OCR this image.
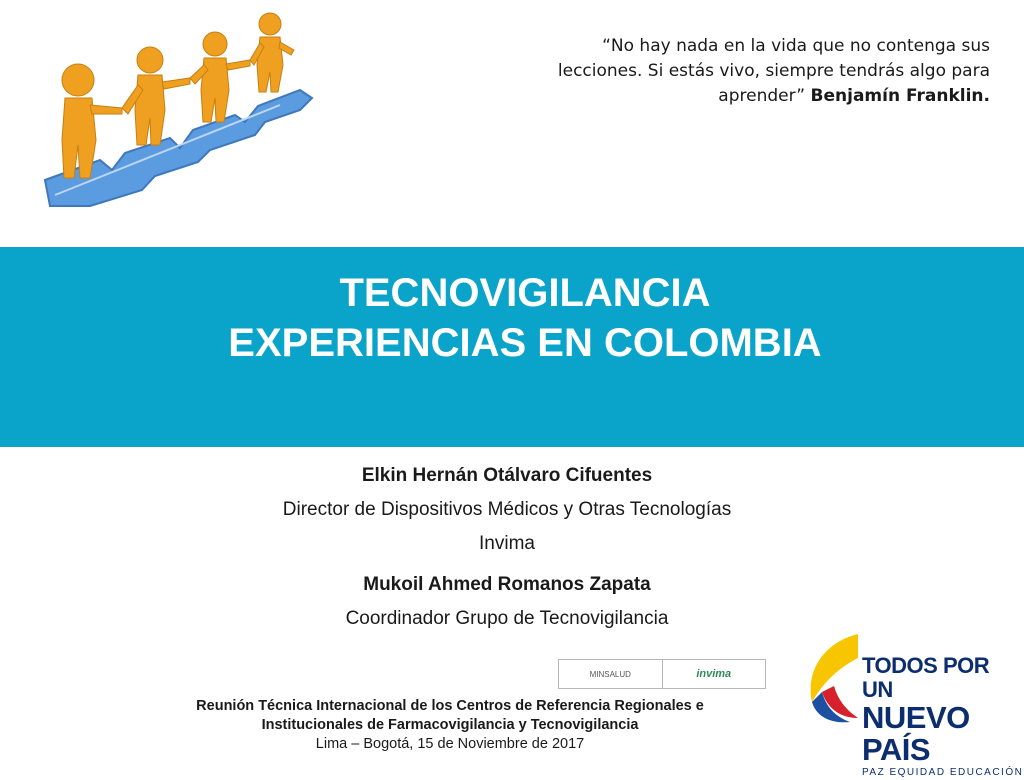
“No hay nada en la vida que no contenga sus lecciones. Si estás vivo, siempre tendrás algo para aprender” Benjamín Franklin.
TECNOVIGILANCIA
EXPERIENCIAS EN COLOMBIA
Elkin Hernán Otálvaro Cifuentes
Director de Dispositivos Médicos y Otras Tecnologías
Invima
Mukoil Ahmed Romanos Zapata
Coordinador Grupo de Tecnovigilancia
MINSALUD	invima	TODOS POR UN
NUEVO PAÍS
PAZ EQUIDAD EDUCACIÓN
Reunión Técnica Internacional de los Centros de Referencia Regionales e
Institucionales de Farmacovigilancia y Tecnovigilancia
Lima – Bogotá, 15 de Noviembre de 2017
